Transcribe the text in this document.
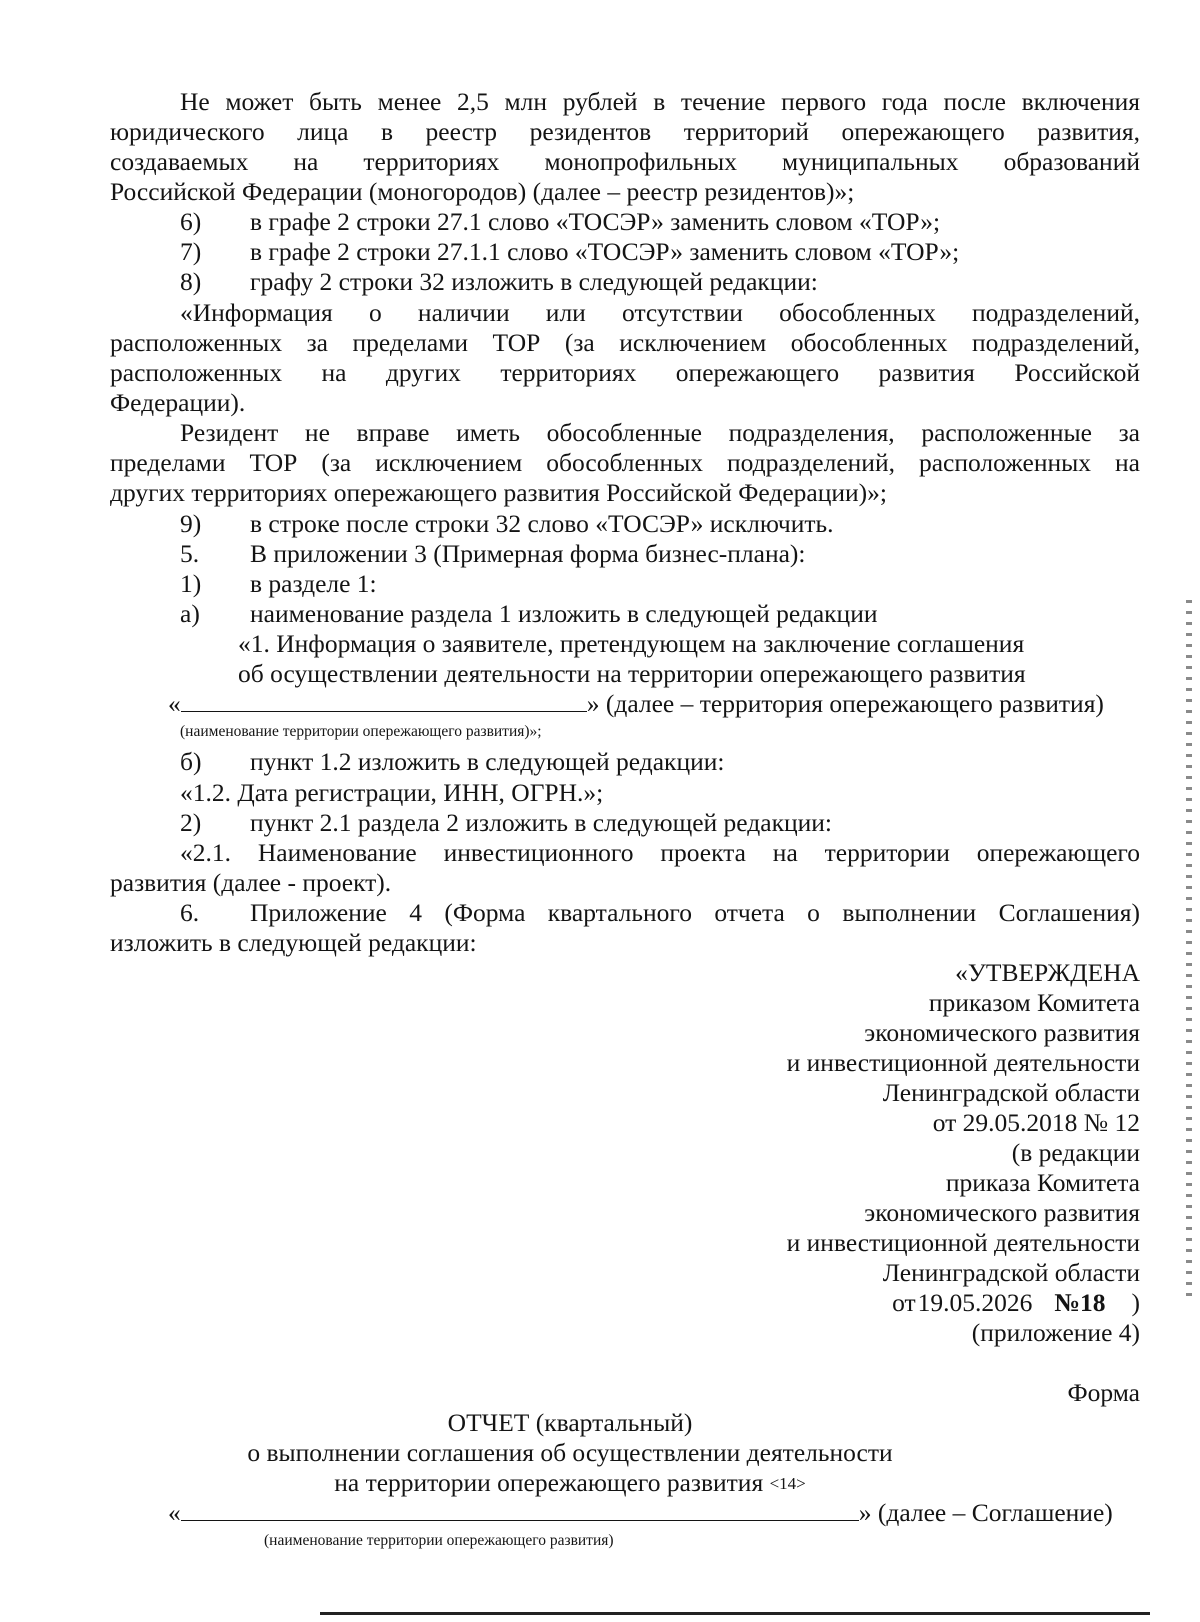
Не может быть менее 2,5 млн рублей в течение первого года после включения
юридического лица в реестр резидентов территорий опережающего развития,
создаваемых на территориях монопрофильных муниципальных образований
Российской Федерации (моногородов) (далее – реестр резидентов)»;
6)	в графе 2 строки 27.1 слово «ТОСЭР» заменить словом «ТОР»;
7)	в графе 2 строки 27.1.1 слово «ТОСЭР» заменить словом «ТОР»;
8)	графу 2 строки 32 изложить в следующей редакции:
«Информация о наличии или отсутствии обособленных подразделений,
расположенных за пределами ТОР (за исключением обособленных подразделений,
расположенных на других территориях опережающего развития Российской
Федерации).
Резидент не вправе иметь обособленные подразделения, расположенные за
пределами ТОР (за исключением обособленных подразделений, расположенных на
других территориях опережающего развития Российской Федерации)»;
9)	в строке после строки 32 слово «ТОСЭР» исключить.
5.	В приложении 3 (Примерная форма бизнес-плана):
1)	в разделе 1:
а)	наименование раздела 1 изложить в следующей редакции
«1. Информация о заявителе, претендующем на заключение соглашения
об осуществлении деятельности на территории опережающего развития
«	» (далее – территория опережающего развития)
(наименование территории опережающего развития)»;
б)	пункт 1.2 изложить в следующей редакции:
«1.2. Дата регистрации, ИНН, ОГРН.»;
2)	пункт 2.1 раздела 2 изложить в следующей редакции:
«2.1. Наименование инвестиционного проекта на территории опережающего
развития (далее - проект).
6.	Приложение 4 (Форма квартального отчета о выполнении Соглашения)
изложить в следующей редакции:
«УТВЕРЖДЕНА
приказом Комитета
экономического развития
и инвестиционной деятельности
Ленинградской области
от 29.05.2018 № 12
(в редакции
приказа Комитета
экономического развития
и инвестиционной деятельности
Ленинградской области
от19.05.2026 №18 )
(приложение 4)
Форма
ОТЧЕТ (квартальный)
о выполнении соглашения об осуществлении деятельности
на территории опережающего развития <14>
«	» (далее – Соглашение)
(наименование территории опережающего развития)
